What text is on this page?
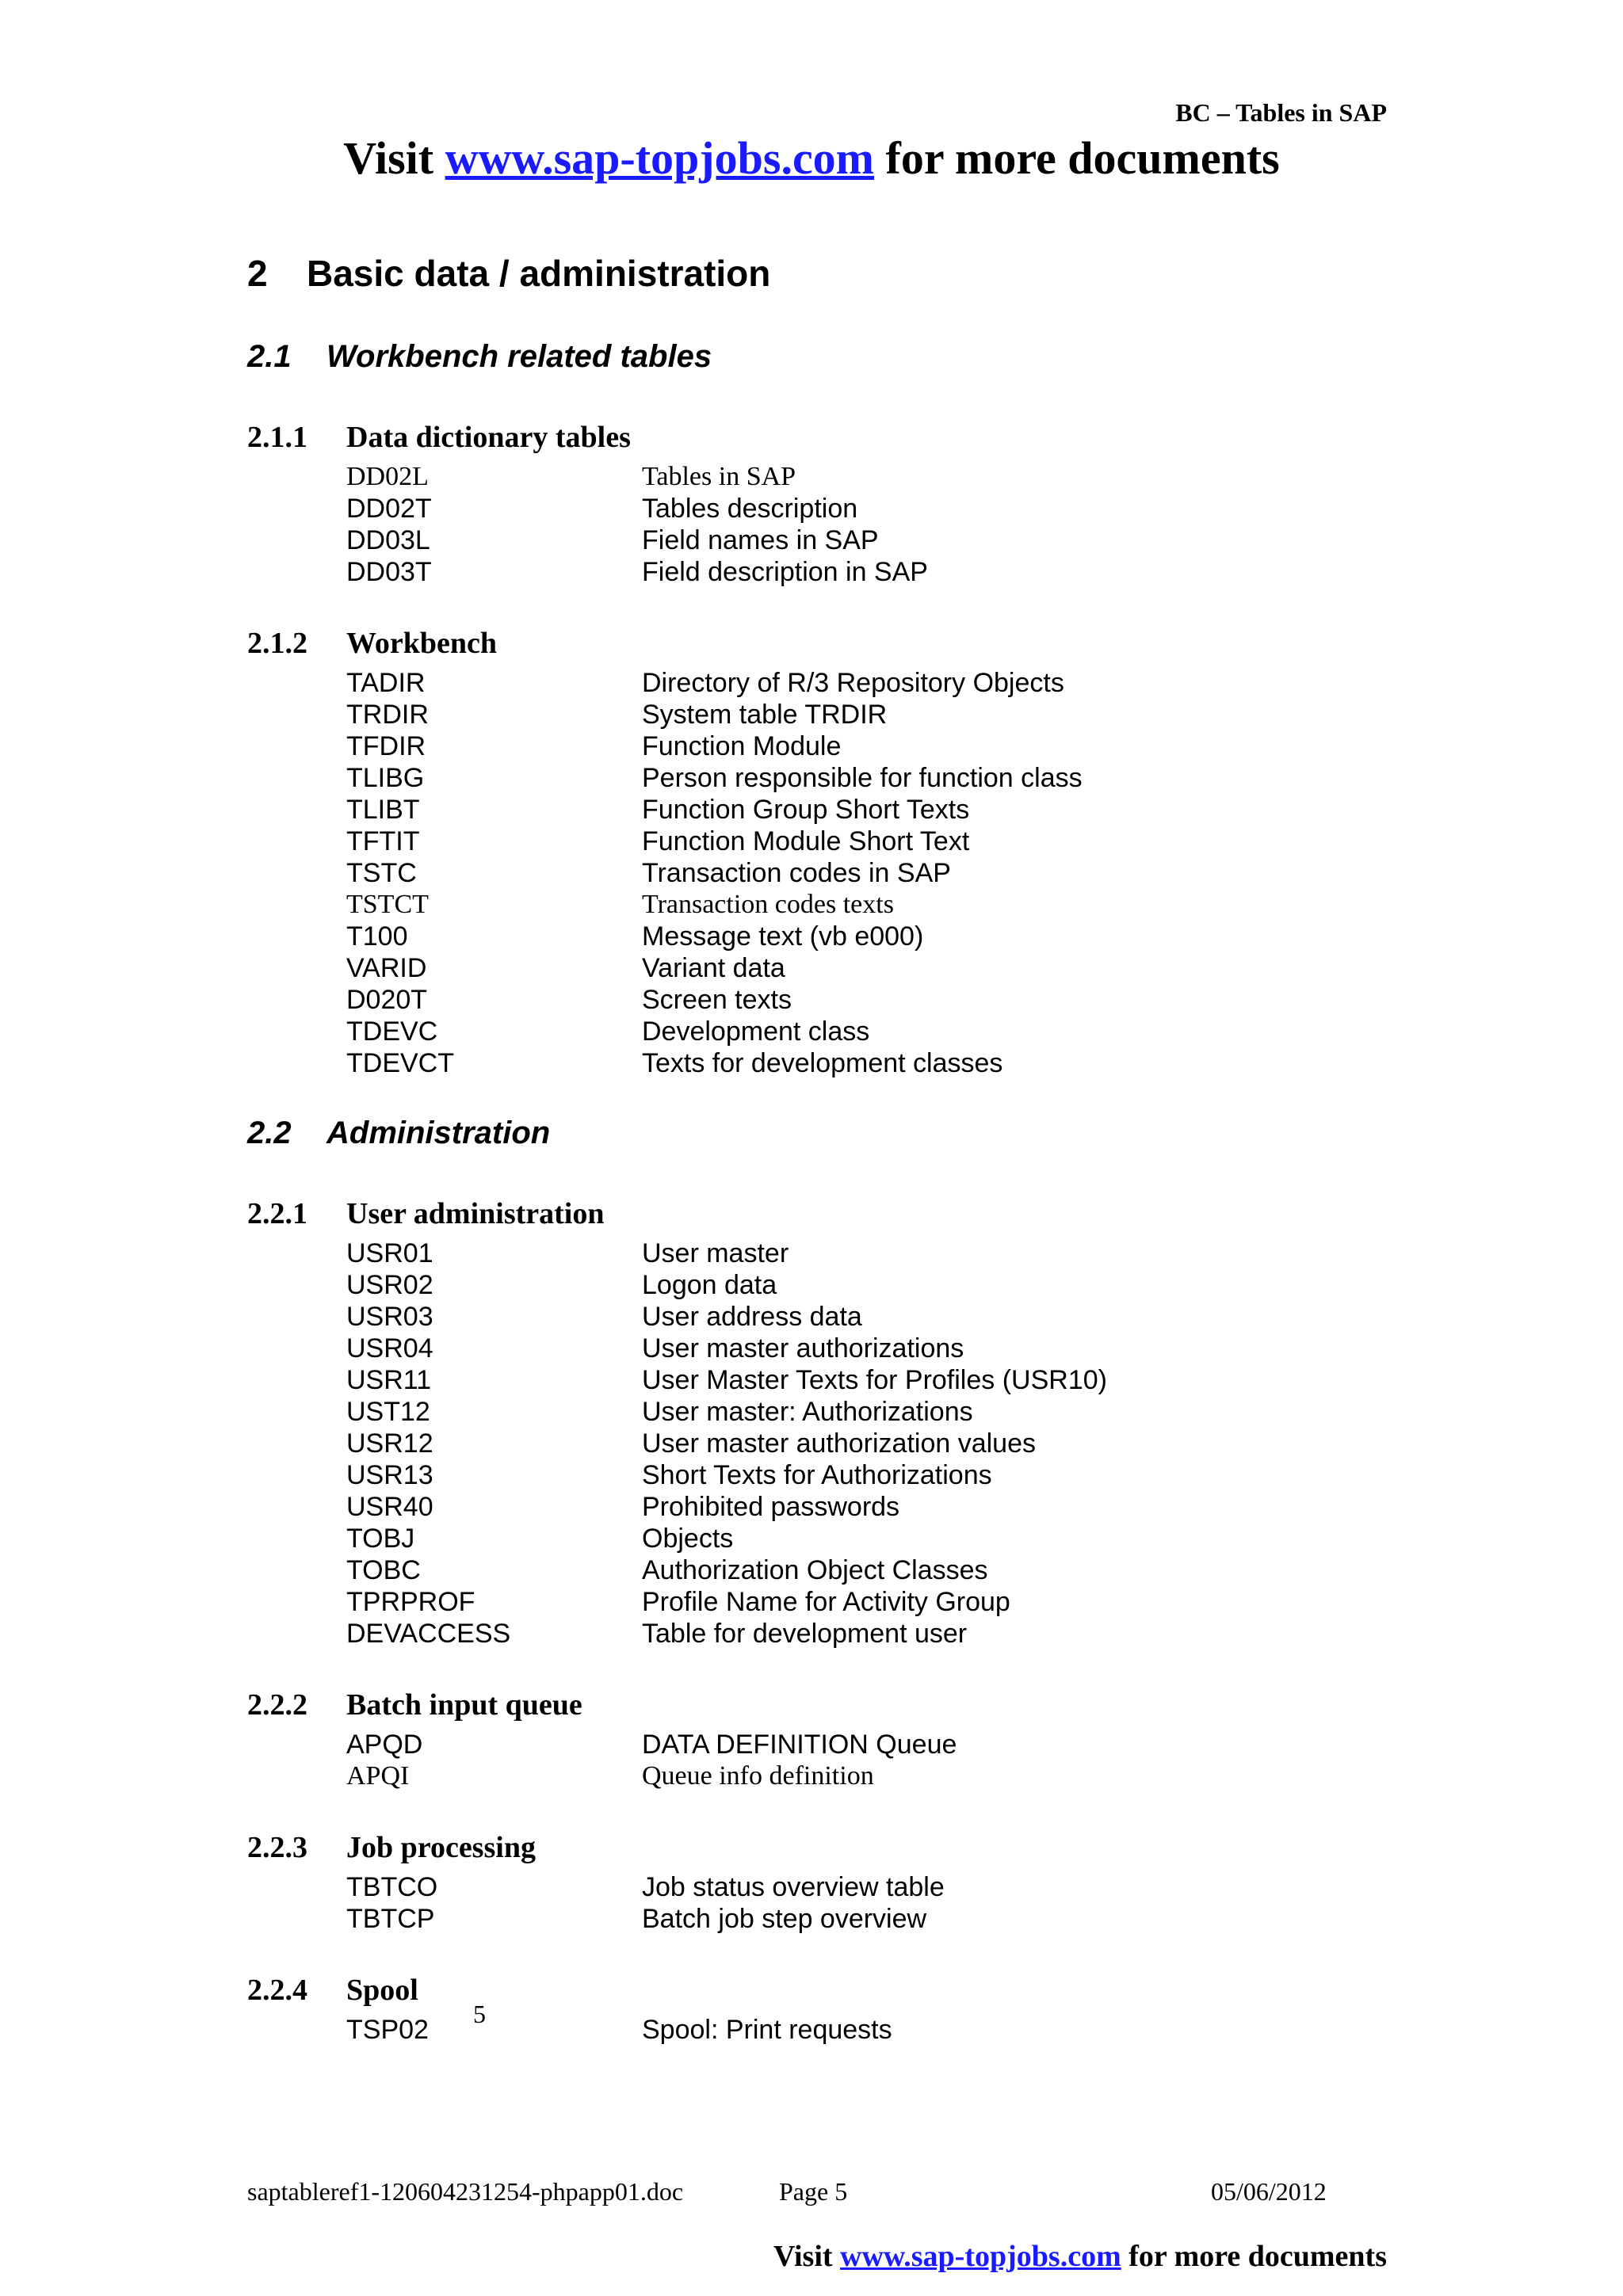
BC – Tables in SAP
Visit www.sap-topjobs.com for more documents
2 Basic data / administration
2.1 Workbench related tables
2.1.1 Data dictionary tables
DD02L	Tables in SAP
DD02T	Tables description
DD03L	Field names in SAP
DD03T	Field description in SAP
2.1.2 Workbench
TADIR	Directory of R/3 Repository Objects
TRDIR	System table TRDIR
TFDIR	Function Module
TLIBG	Person responsible for function class
TLIBT	Function Group Short Texts
TFTIT	Function Module Short Text
TSTC	Transaction codes in SAP
TSTCT	Transaction codes texts
T100	Message text (vb e000)
VARID	Variant data
D020T	Screen texts
TDEVC	Development class
TDEVCT	Texts for development classes
2.2 Administration
2.2.1 User administration
USR01	User master
USR02	Logon data
USR03	User address data
USR04	User master authorizations
USR11	User Master Texts for Profiles (USR10)
UST12	User master: Authorizations
USR12	User master authorization values
USR13	Short Texts for Authorizations
USR40	Prohibited passwords
TOBJ	Objects
TOBC	Authorization Object Classes
TPRPROF	Profile Name for Activity Group
DEVACCESS	Table for development user
2.2.2 Batch input queue
APQD	DATA DEFINITION Queue
APQI	Queue info definition
2.2.3 Job processing
TBTCO	Job status overview table
TBTCP	Batch job step overview
2.2.4 Spool
TSP02	Spool: Print requests
5
saptableref1-120604231254-phpapp01.doc	Page 5	05/06/2012
Visit www.sap-topjobs.com for more documents
